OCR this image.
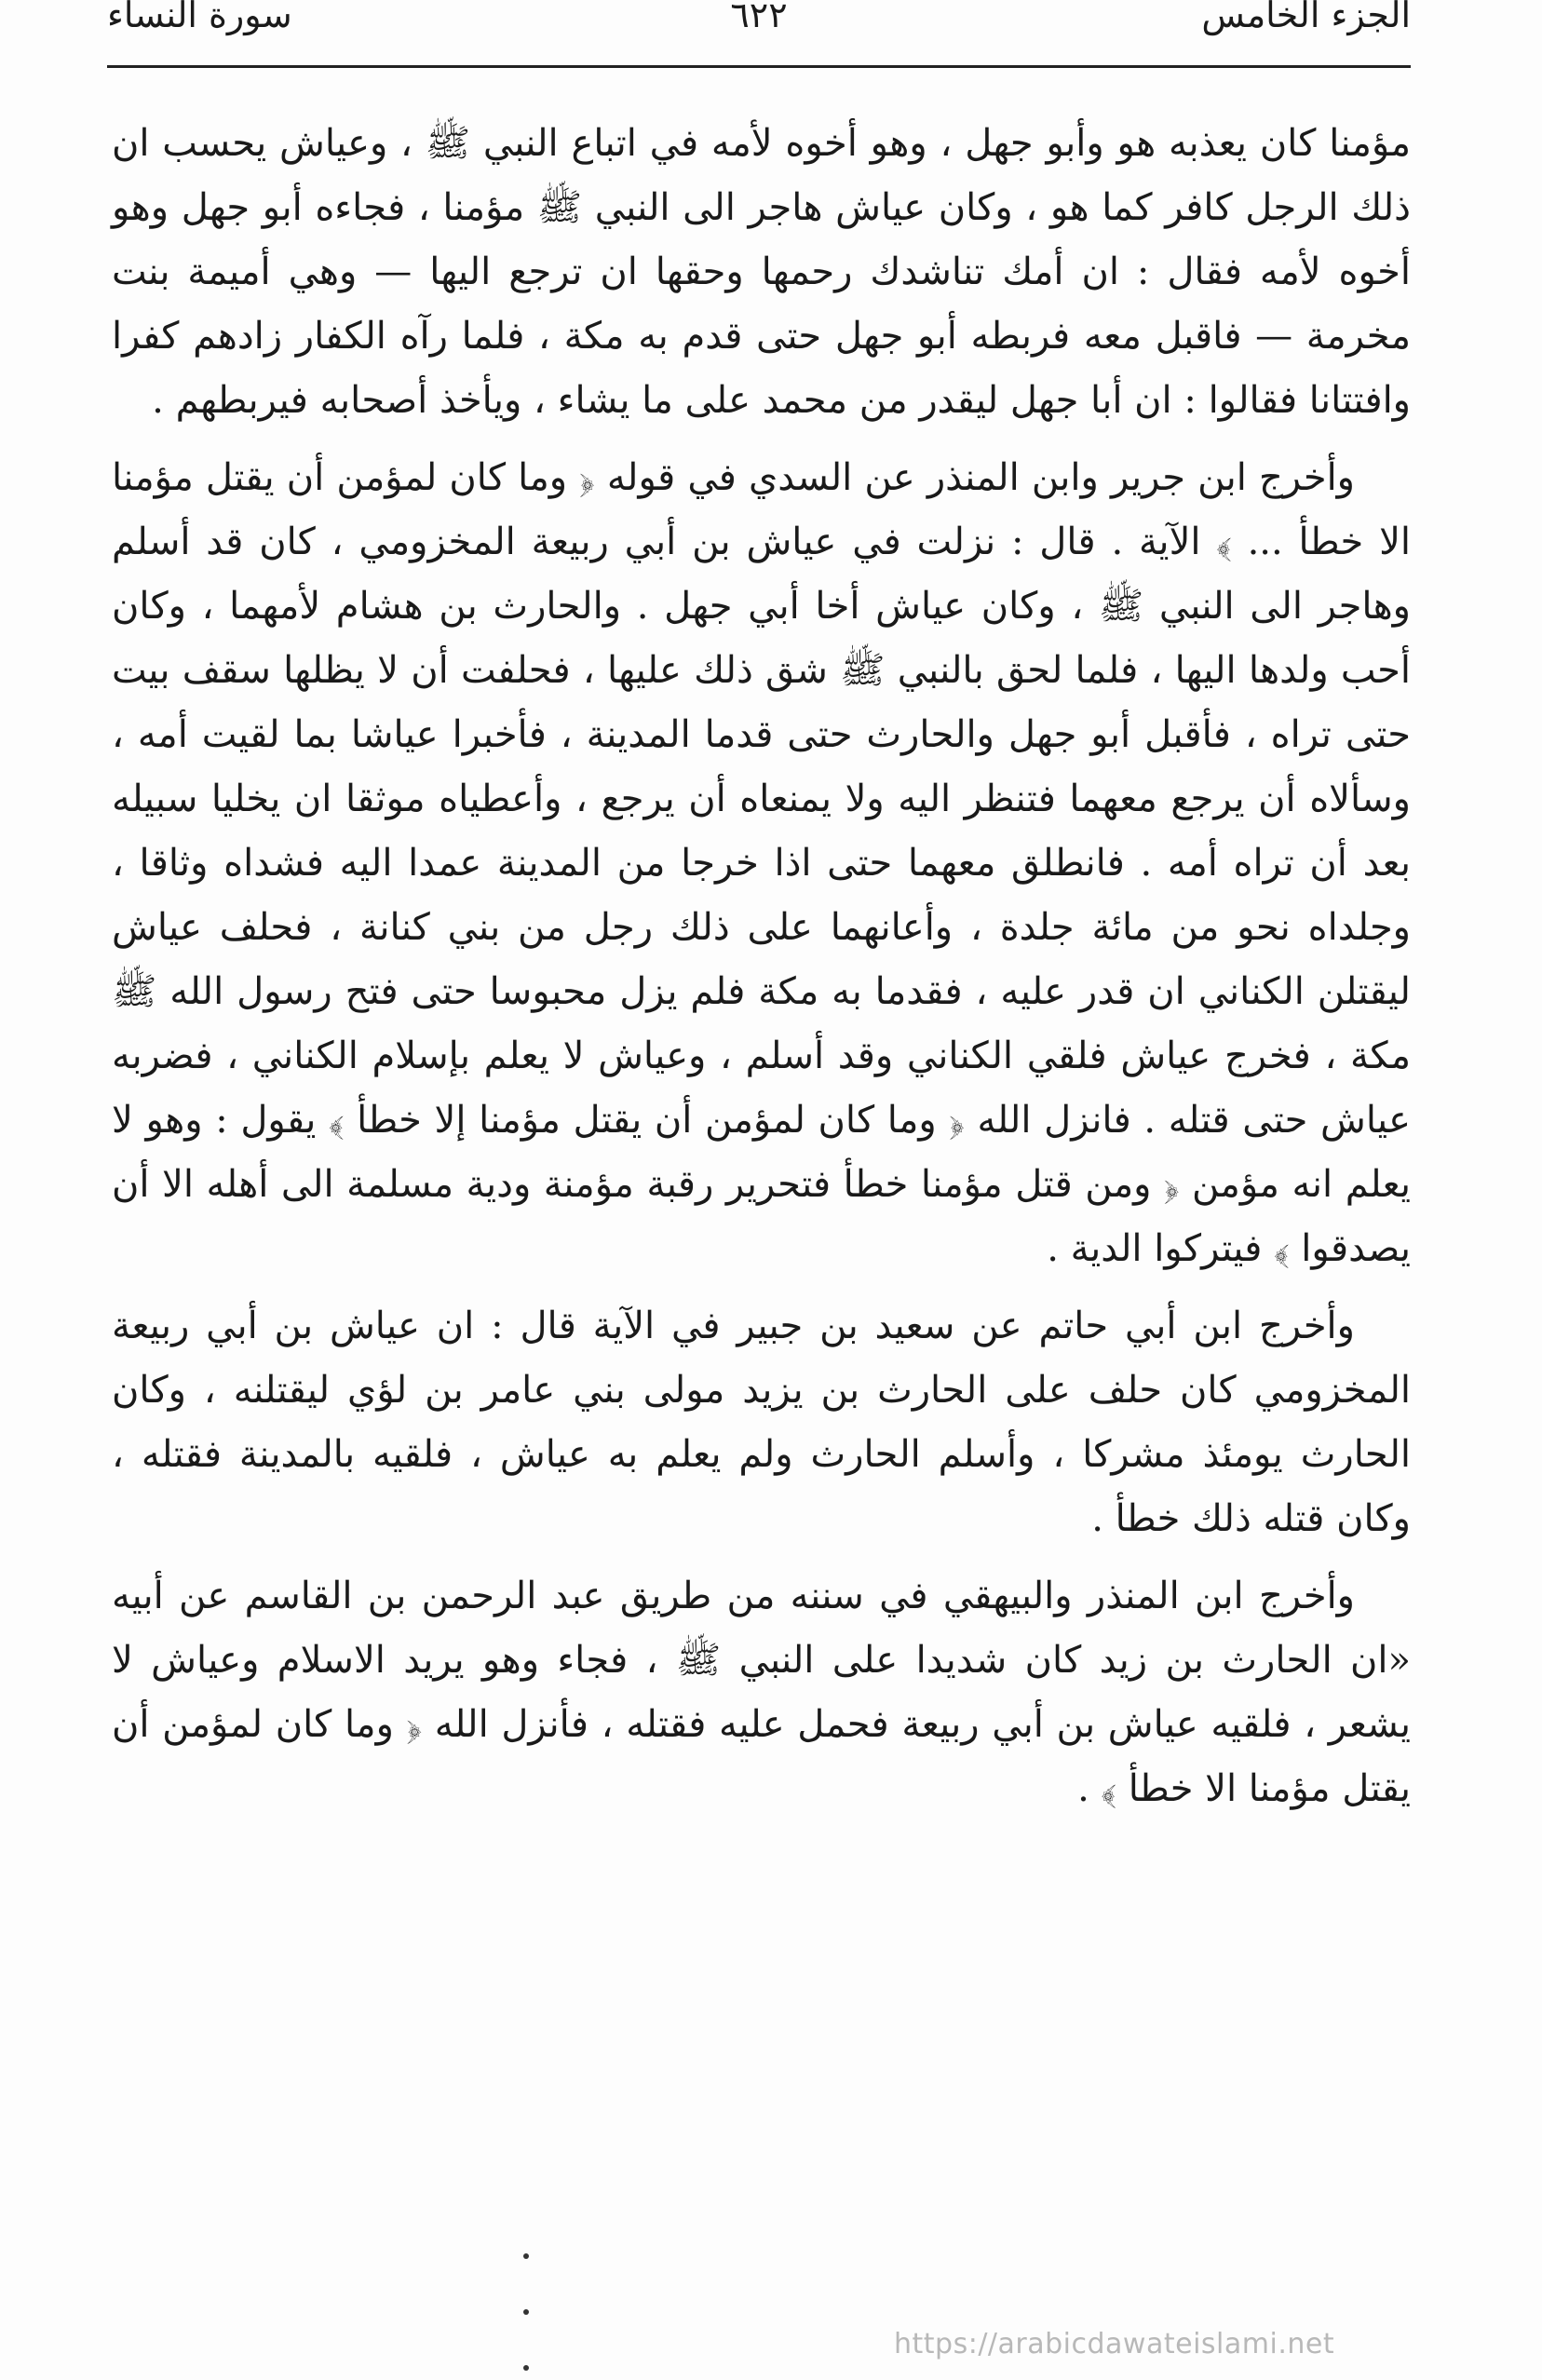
الجزء الخامس
٦٢٢
سورة النساء

مؤمنا كان يعذبه هو وأبو جهل ، وهو أخوه لأمه في اتباع النبي ﷺ ، وعياش يحسب ان ذلك الرجل كافر كما هو ، وكان عياش هاجر الى النبي ﷺ مؤمنا ، فجاءه أبو جهل وهو أخوه لأمه فقال : ان أمك تناشدك رحمها وحقها ان ترجع اليها — وهي أميمة بنت مخرمة — فاقبل معه فربطه أبو جهل حتى قدم به مكة ، فلما رآه الكفار زادهم كفرا وافتتانا فقالوا : ان أبا جهل ليقدر من محمد على ما يشاء ، ويأخذ أصحابه فيربطهم .

وأخرج ابن جرير وابن المنذر عن السدي في قوله ﴿ وما كان لمؤمن أن يقتل مؤمنا الا خطأ ... ﴾ الآية . قال : نزلت في عياش بن أبي ربيعة المخزومي ، كان قد أسلم وهاجر الى النبي ﷺ ، وكان عياش أخا أبي جهل . والحارث بن هشام لأمهما ، وكان أحب ولدها اليها ، فلما لحق بالنبي ﷺ شق ذلك عليها ، فحلفت أن لا يظلها سقف بيت حتى تراه ، فأقبل أبو جهل والحارث حتى قدما المدينة ، فأخبرا عياشا بما لقيت أمه ، وسألاه أن يرجع معهما فتنظر اليه ولا يمنعاه أن يرجع ، وأعطياه موثقا ان يخليا سبيله بعد أن تراه أمه . فانطلق معهما حتى اذا خرجا من المدينة عمدا اليه فشداه وثاقا ، وجلداه نحو من مائة جلدة ، وأعانهما على ذلك رجل من بني كنانة ، فحلف عياش ليقتلن الكناني ان قدر عليه ، فقدما به مكة فلم يزل محبوسا حتى فتح رسول الله ﷺ مكة ، فخرج عياش فلقي الكناني وقد أسلم ، وعياش لا يعلم بإسلام الكناني ، فضربه عياش حتى قتله . فانزل الله ﴿ وما كان لمؤمن أن يقتل مؤمنا إلا خطأ ﴾ يقول : وهو لا يعلم انه مؤمن ﴿ ومن قتل مؤمنا خطأ فتحرير رقبة مؤمنة ودية مسلمة الى أهله الا أن يصدقوا ﴾ فيتركوا الدية .

وأخرج ابن أبي حاتم عن سعيد بن جبير في الآية قال : ان عياش بن أبي ربيعة المخزومي كان حلف على الحارث بن يزيد مولى بني عامر بن لؤي ليقتلنه ، وكان الحارث يومئذ مشركا ، وأسلم الحارث ولم يعلم به عياش ، فلقيه بالمدينة فقتله ، وكان قتله ذلك خطأ .

وأخرج ابن المنذر والبيهقي في سننه من طريق عبد الرحمن بن القاسم عن أبيه «ان الحارث بن زيد كان شديدا على النبي ﷺ ، فجاء وهو يريد الاسلام وعياش لا يشعر ، فلقيه عياش بن أبي ربيعة فحمل عليه فقتله ، فأنزل الله ﴿ وما كان لمؤمن أن يقتل مؤمنا الا خطأ ﴾ .

https://arabicdawateislami.net
